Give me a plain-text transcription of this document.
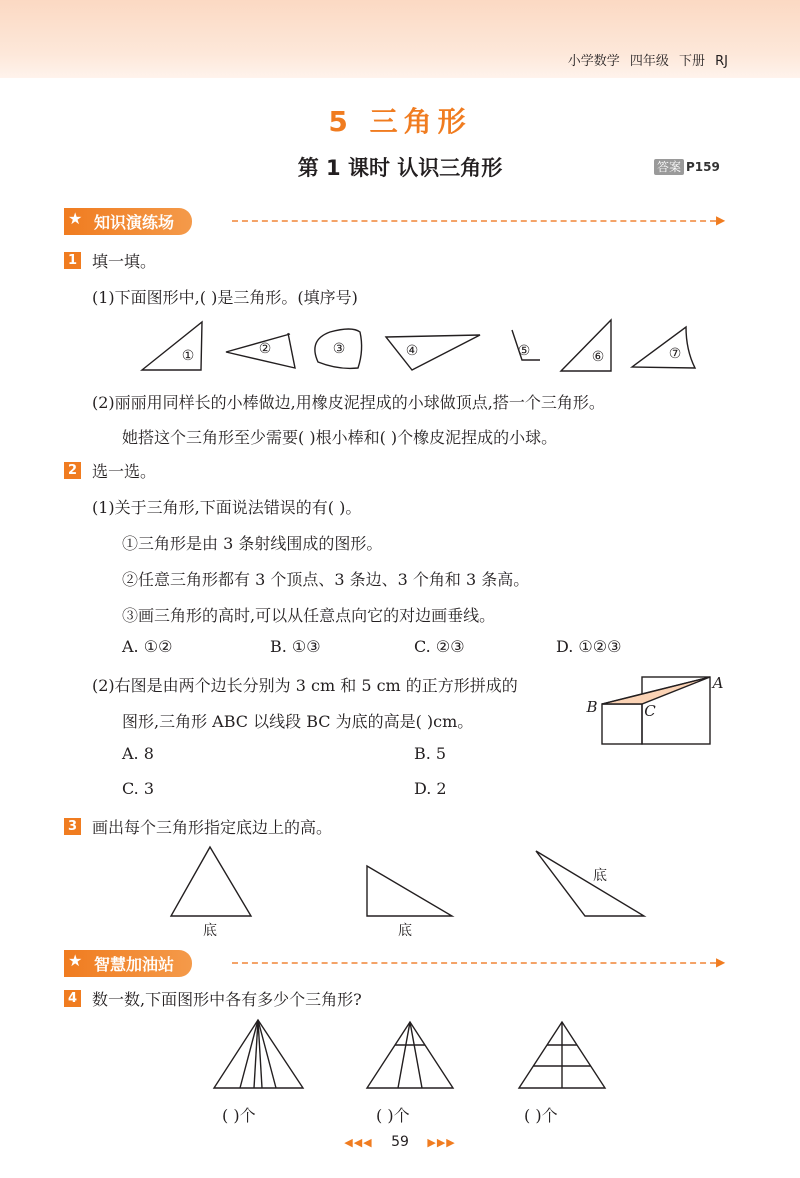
小学数学 四年级 下册 RJ
5 三角形
第 1 课时 认识三角形	答案 P159
★ 知识演练场	▶
1 填一填。
(1)下面图形中,( )是三角形。(填序号)
(2)丽丽用同样长的小棒做边,用橡皮泥捏成的小球做顶点,搭一个三角形。
她搭这个三角形至少需要( )根小棒和( )个橡皮泥捏成的小球。
2 选一选。
(1)关于三角形,下面说法错误的有( )。
①三角形是由 3 条射线围成的图形。
②任意三角形都有 3 个顶点、3 条边、3 个角和 3 条高。
③画三角形的高时,可以从任意点向它的对边画垂线。
A. ①②	B. ①③	C. ②③	D. ①②③
(2)右图是由两个边长分别为 3 cm 和 5 cm 的正方形拼成的
图形,三角形 ABC 以线段 BC 为底的高是( )cm。
A. 8	B. 5
C. 3	D. 2
3 画出每个三角形指定底边上的高。
★ 智慧加油站	▶
4 数一数,下面图形中各有多少个三角形?
( )个	( )个	( )个
①	②	③	④	⑤	⑥	⑦
B	C
A
底	底
底
◀◀◀ 59 ▶▶▶
